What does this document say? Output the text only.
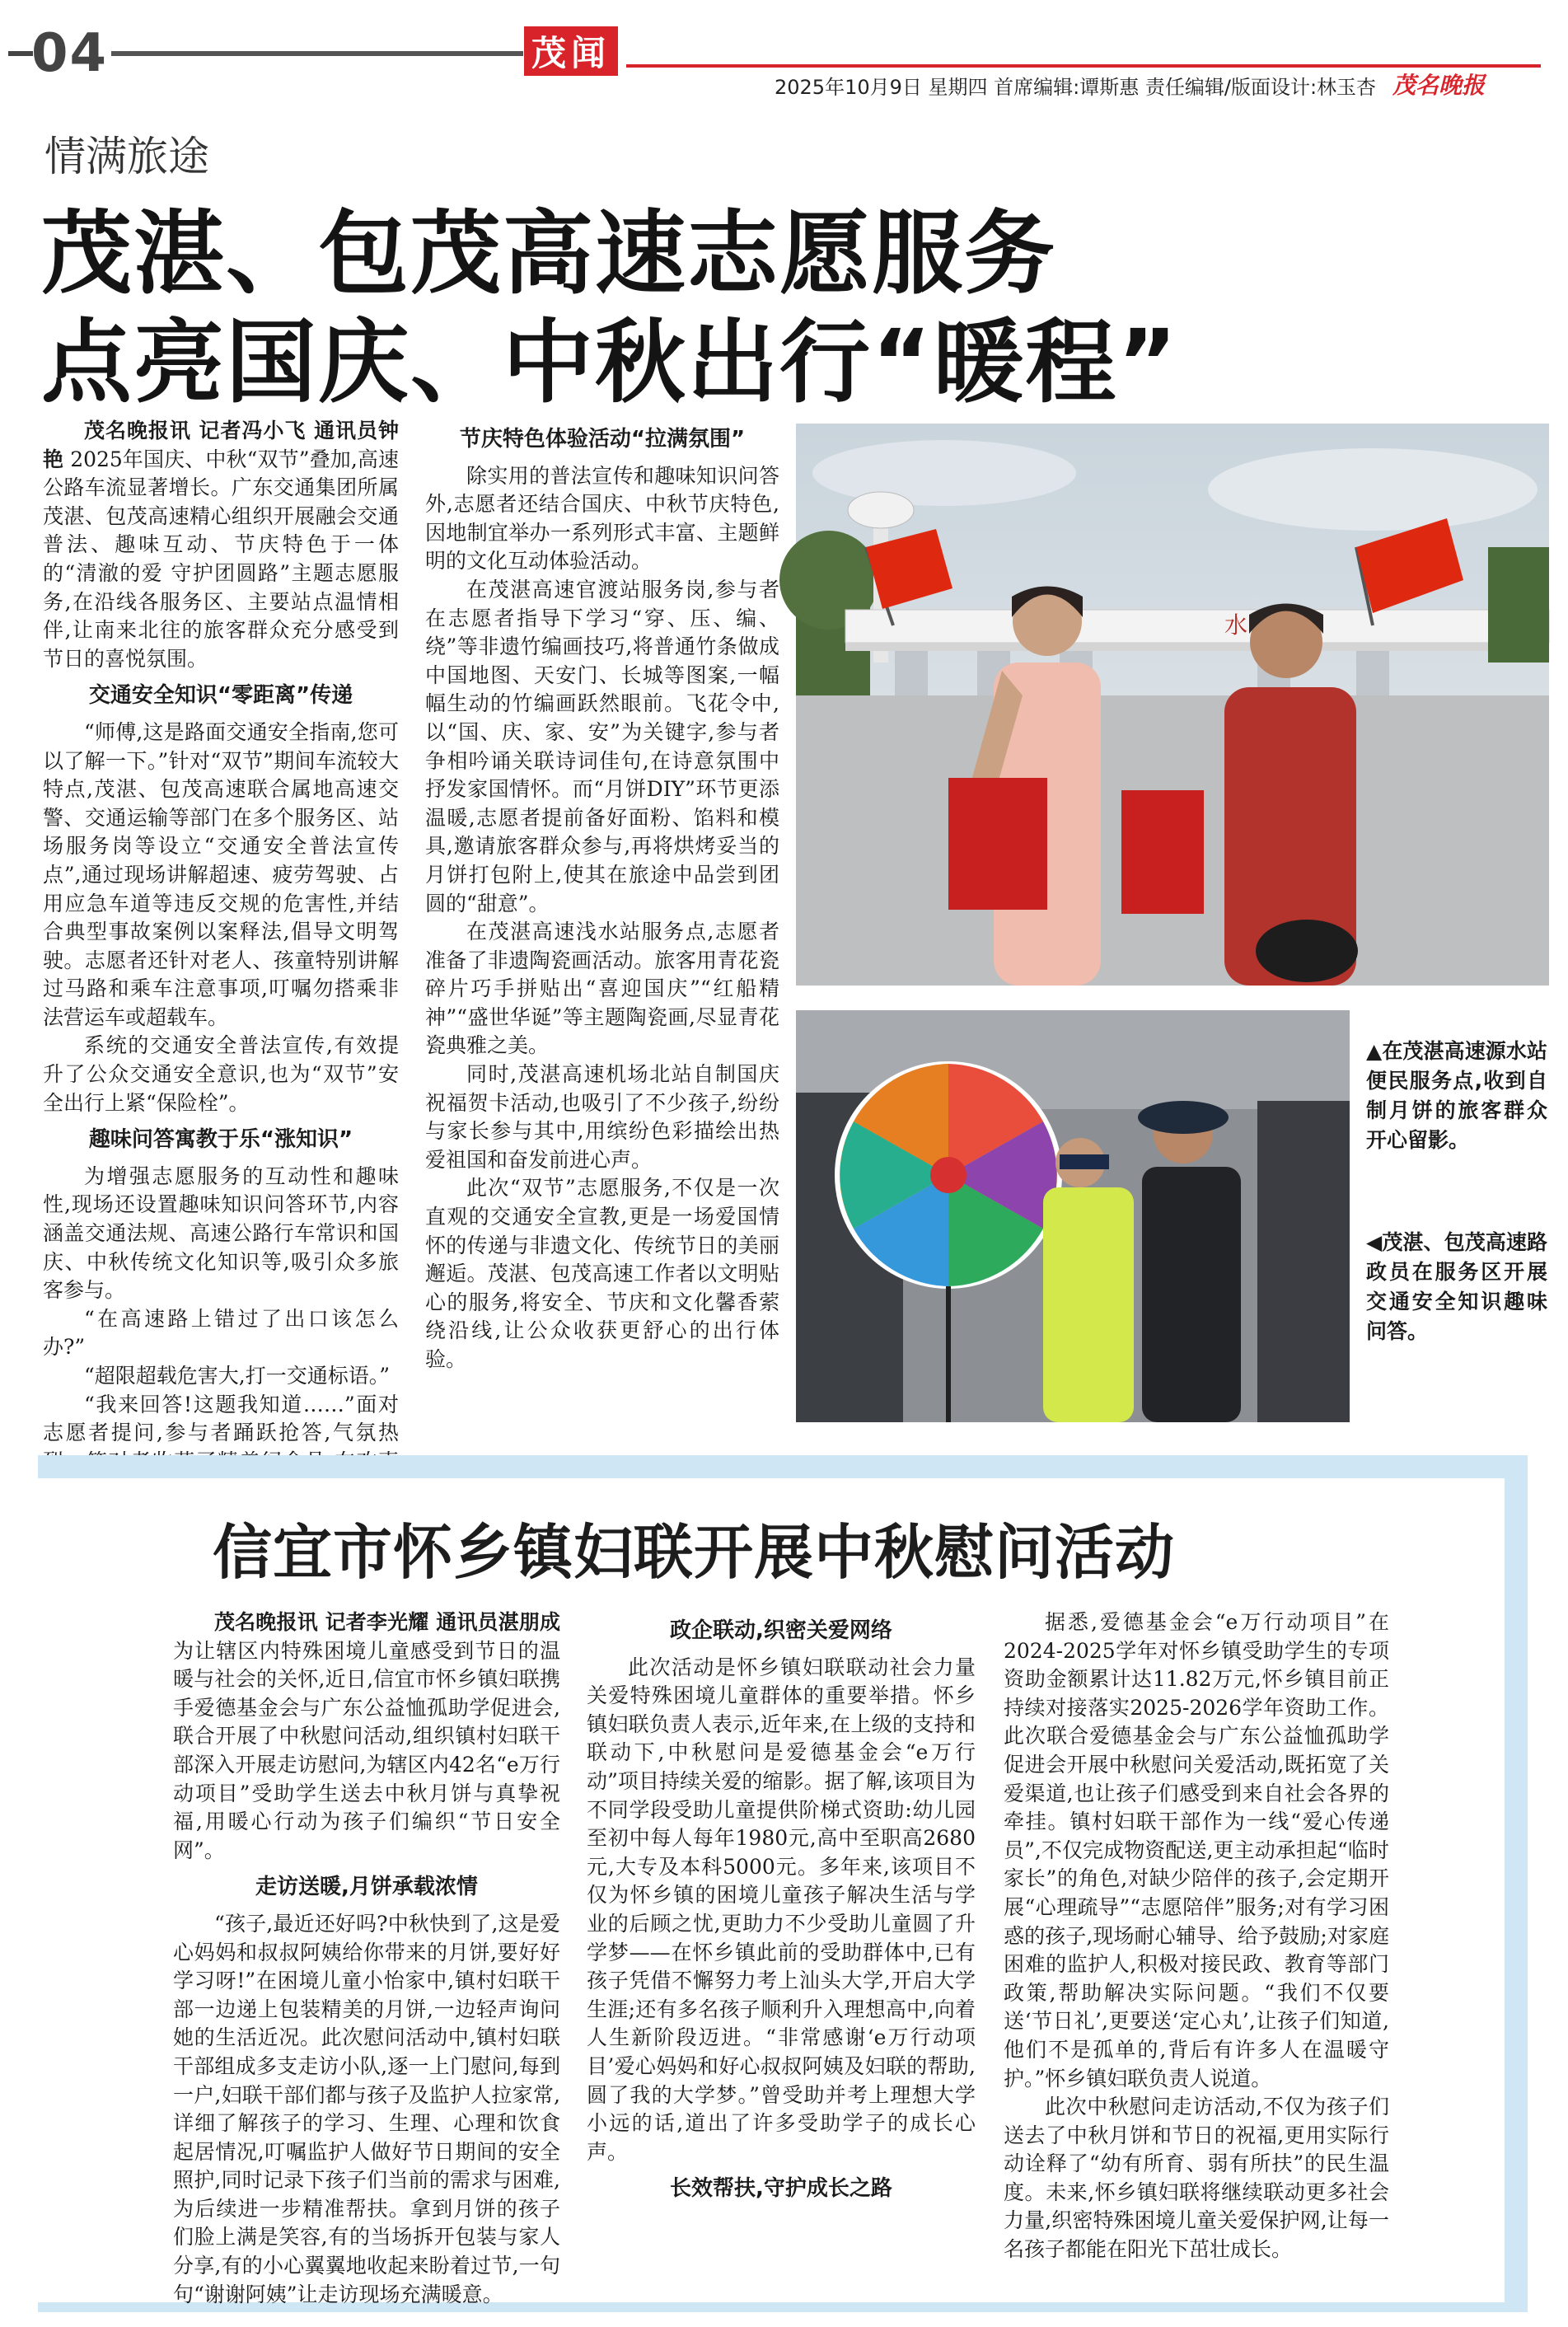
04	茂闻
2025年10月9日 星期四 首席编辑:谭斯惠 责任编辑/版面设计:林玉杏 茂名晚报
情满旅途
茂湛、包茂高速志愿服务
点亮国庆、中秋出行“暖程”

茂名晚报讯 记者冯小飞 通讯员钟艳 2025年国庆、中秋“双节”叠加,高速公路车流显著增长。广东交通集团所属茂湛、包茂高速精心组织开展融会交通普法、趣味互动、节庆特色于一体的“清澈的爱 守护团圆路”主题志愿服务,在沿线各服务区、主要站点温情相伴,让南来北往的旅客群众充分感受到节日的喜悦氛围。

交通安全知识“零距离”传递

“师傅,这是路面交通安全指南,您可以了解一下。”针对“双节”期间车流较大特点,茂湛、包茂高速联合属地高速交警、交通运输等部门在多个服务区、站场服务岗等设立“交通安全普法宣传点”,通过现场讲解超速、疲劳驾驶、占用应急车道等违反交规的危害性,并结合典型事故案例以案释法,倡导文明驾驶。志愿者还针对老人、孩童特别讲解过马路和乘车注意事项,叮嘱勿搭乘非法营运车或超载车。

系统的交通安全普法宣传,有效提升了公众交通安全意识,也为“双节”安全出行上紧“保险栓”。

趣味问答寓教于乐“涨知识”

为增强志愿服务的互动性和趣味性,现场还设置趣味知识问答环节,内容涵盖交通法规、高速公路行车常识和国庆、中秋传统文化知识等,吸引众多旅客参与。

“在高速路上错过了出口该怎么办?”

“超限超载危害大,打一交通标语。”

“我来回答!这题我知道……”面对志愿者提问,参与者踊跃抢答,气氛热

节庆特色体验活动“拉满氛围”

除实用的普法宣传和趣味知识问答外,志愿者还结合国庆、中秋节庆特色,因地制宜举办一系列形式丰富、主题鲜明的文化互动体验活动。

在茂湛高速官渡站服务岗,参与者在志愿者指导下学习“穿、压、编、绕”等非遗竹编画技巧,将普通竹条做成中国地图、天安门、长城等图案,一幅幅生动的竹编画跃然眼前。飞花令中,以“国、庆、家、安”为关键字,参与者争相吟诵关联诗词佳句,在诗意氛围中抒发家国情怀。而“月饼DIY”环节更添温暖,志愿者提前备好面粉、馅料和模具,邀请旅客群众参与,再将烘烤妥当的月饼打包附上,使其在旅途中品尝到团圆的“甜意”。

在茂湛高速浅水站服务点,志愿者准备了非遗陶瓷画活动。旅客用青花瓷碎片巧手拼贴出“喜迎国庆”“红船精神”“盛世华诞”等主题陶瓷画,尽显青花瓷典雅之美。

同时,茂湛高速机场北站自制国庆祝福贺卡活动,也吸引了不少孩子,纷纷与家长参与其中,用缤纷色彩描绘出热爱祖国和奋发前进心声。

此次“双节”志愿服务,不仅是一次直观的交通安全宣教,更是一场爱国情怀的传递与非遗文化、传统节日的美丽邂逅。茂湛、包茂高速工作者以文明贴心的服务,将安全、节庆和文化馨香萦绕沿线,让公众收获更舒心的出行体验。

水
▲在茂湛高速源水站便民服务点,收到自制月饼的旅客群众开心留影。
◀茂湛、包茂高速路政员在服务区开展交通安全知识趣味问答。
信宜市怀乡镇妇联开展中秋慰问活动

茂名晚报讯 记者李光耀 通讯员湛朋成 为让辖区内特殊困境儿童感受到节日的温暖与社会的关怀,近日,信宜市怀乡镇妇联携手爱德基金会与广东公益恤孤助学促进会,联合开展了中秋慰问活动,组织镇村妇联干部深入开展走访慰问,为辖区内42名“e万行动项目”受助学生送去中秋月饼与真挚祝福,用暖心行动为孩子们编织“节日安全网”。

走访送暖,月饼承载浓情

“孩子,最近还好吗?中秋快到了,这是爱心妈妈和叔叔阿姨给你带来的月饼,要好好学习呀!”在困境儿童小怡家中,镇村妇联干部一边递上包装精美的月饼,一边轻声询问她的生活近况。此次慰问活动中,镇村妇联干部组成多支走访小队,逐一上门慰问,每到一户,妇联干部们都与孩子及监护人拉家常,详细了解孩子的学习、生理、心理和饮食起居情况,叮嘱监护人做好节日期间的安全照护,同时记录下孩子们当前的需求与困难,为后续进一步精准帮扶。拿到月饼的孩子们脸上满是笑容,有的当场拆开包装与家人分享,有的小心翼翼地收起来盼着过节,一句句“谢谢阿姨”让走访现场充满暖意。

政企联动,织密关爱网络

此次活动是怀乡镇妇联联动社会力量关爱特殊困境儿童群体的重要举措。怀乡镇妇联负责人表示,近年来,在上级的支持和联动下,中秋慰问是爱德基金会“e万行动”项目持续关爱的缩影。据了解,该项目为不同学段受助儿童提供阶梯式资助:幼儿园至初中每人每年1980元,高中至职高2680元,大专及本科5000元。多年来,该项目不仅为怀乡镇的困境儿童孩子解决生活与学业的后顾之忧,更助力不少受助儿童圆了升学梦——在怀乡镇此前的受助群体中,已有孩子凭借不懈努力考上汕头大学,开启大学生涯;还有多名孩子顺利升入理想高中,向着人生新阶段迈进。“非常感谢‘e万行动项目’爱心妈妈和好心叔叔阿姨及妇联的帮助,圆了我的大学梦。”曾受助并考上理想大学小远的话,道出了许多受助学子的成长心声。

长效帮扶,守护成长之路

据悉,爱德基金会“e万行动项目”在2024-2025学年对怀乡镇受助学生的专项资助金额累计达11.82万元,怀乡镇目前正持续对接落实2025-2026学年资助工作。此次联合爱德基金会与广东公益恤孤助学促进会开展中秋慰问关爱活动,既拓宽了关爱渠道,也让孩子们感受到来自社会各界的牵挂。镇村妇联干部作为一线“爱心传递员”,不仅完成物资配送,更主动承担起“临时家长”的角色,对缺少陪伴的孩子,会定期开展“心理疏导”“志愿陪伴”服务;对有学习困惑的孩子,现场耐心辅导、给予鼓励;对家庭困难的监护人,积极对接民政、教育等部门政策,帮助解决实际问题。“我们不仅要送‘节日礼’,更要送‘定心丸’,让孩子们知道,他们不是孤单的,背后有许多人在温暖守护。”怀乡镇妇联负责人说道。

此次中秋慰问走访活动,不仅为孩子们送去了中秋月饼和节日的祝福,更用实际行动诠释了“幼有所育、弱有所扶”的民生温度。未来,怀乡镇妇联将继续联动更多社会力量,织密特殊困境儿童关爱保护网,让每一名孩子都能在阳光下茁壮成长。
